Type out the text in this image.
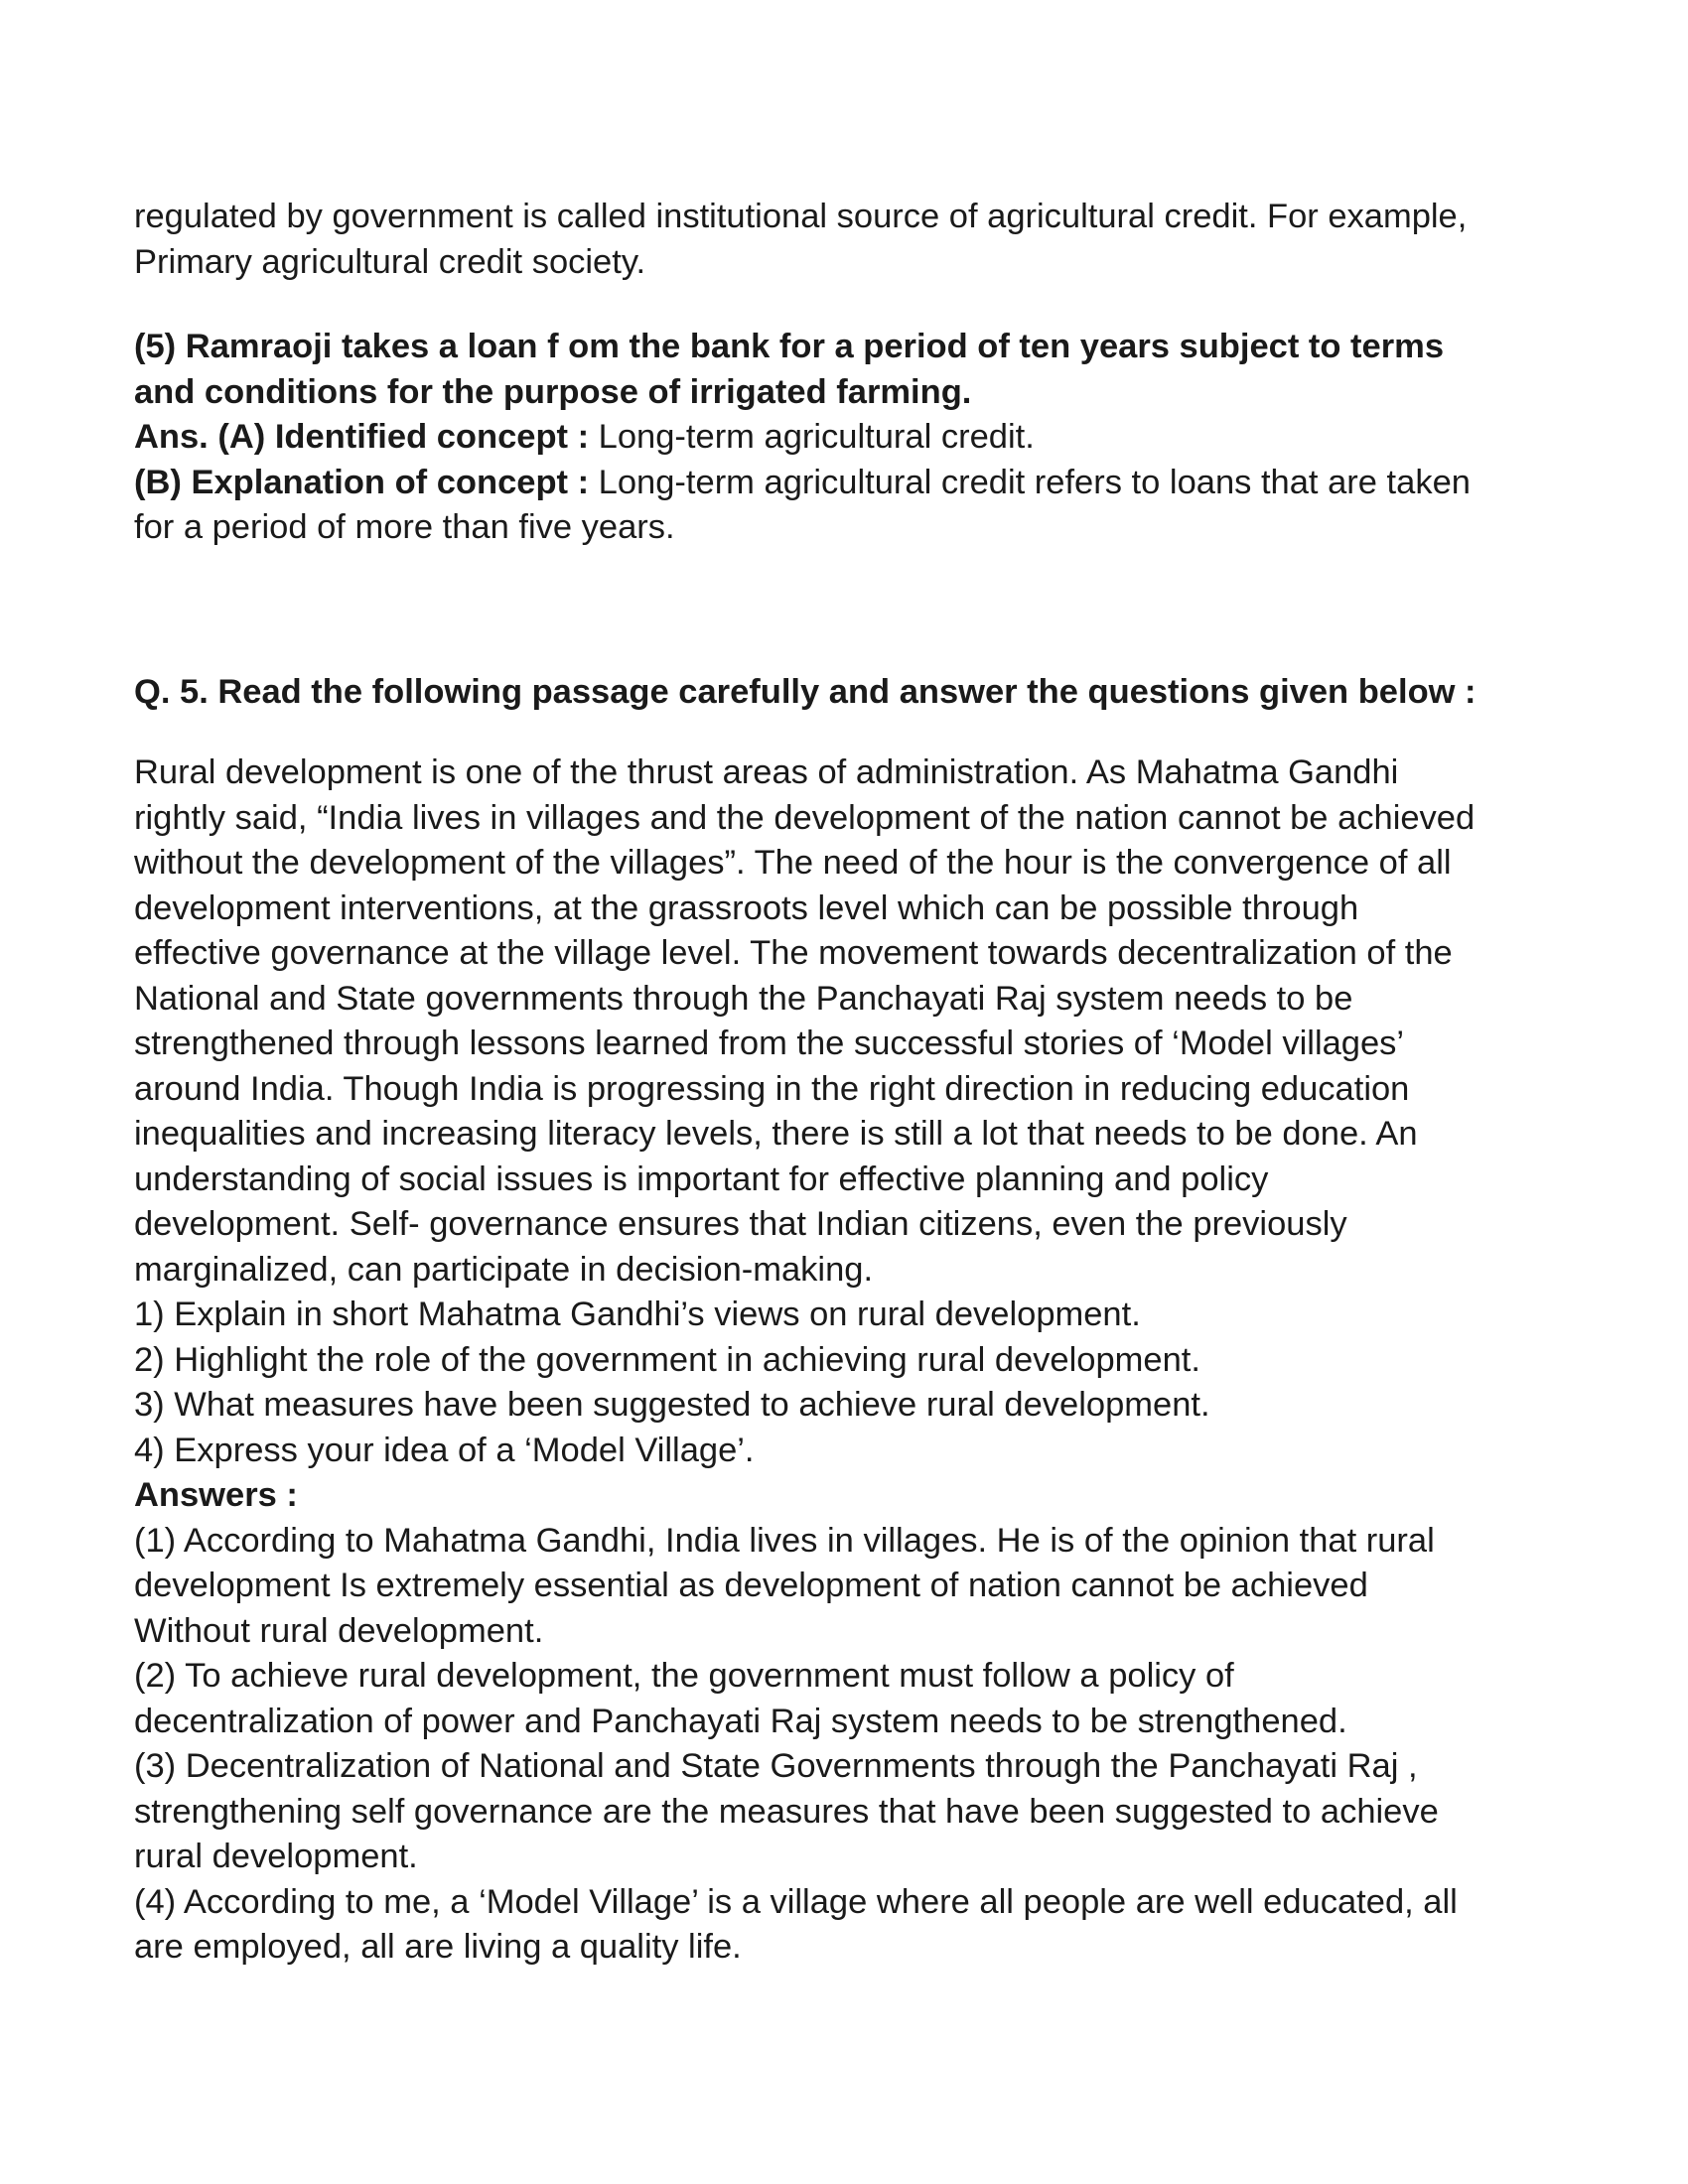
regulated by government is called institutional source of agricultural credit. For example,
Primary agricultural credit society.
(5) Ramraoji takes a loan f om the bank for a period of ten years subject to terms
and conditions for the purpose of irrigated farming.
Ans. (A) Identified concept : Long-term agricultural credit.
(B) Explanation of concept : Long-term agricultural credit refers to loans that are taken
for a period of more than five years.
Q. 5. Read the following passage carefully and answer the questions given below :
Rural development is one of the thrust areas of administration. As Mahatma Gandhi
rightly said, “India lives in villages and the development of the nation cannot be achieved
without the development of the villages”. The need of the hour is the convergence of all
development interventions, at the grassroots level which can be possible through
effective governance at the village level. The movement towards decentralization of the
National and State governments through the Panchayati Raj system needs to be
strengthened through lessons learned from the successful stories of ‘Model villages’
around India. Though India is progressing in the right direction in reducing education
inequalities and increasing literacy levels, there is still a lot that needs to be done. An
understanding of social issues is important for effective planning and policy
development. Self- governance ensures that Indian citizens, even the previously
marginalized, can participate in decision-making.
1) Explain in short Mahatma Gandhi’s views on rural development.
2) Highlight the role of the government in achieving rural development.
3) What measures have been suggested to achieve rural development.
4) Express your idea of a ‘Model Village’.
Answers :
(1) According to Mahatma Gandhi, India lives in villages. He is of the opinion that rural
development Is extremely essential as development of nation cannot be achieved
Without rural development.
(2) To achieve rural development, the government must follow a policy of
decentralization of power and Panchayati Raj system needs to be strengthened.
(3) Decentralization of National and State Governments through the Panchayati Raj ,
strengthening self governance are the measures that have been suggested to achieve
rural development.
(4) According to me, a ‘Model Village’ is a village where all people are well educated, all
are employed, all are living a quality life.
